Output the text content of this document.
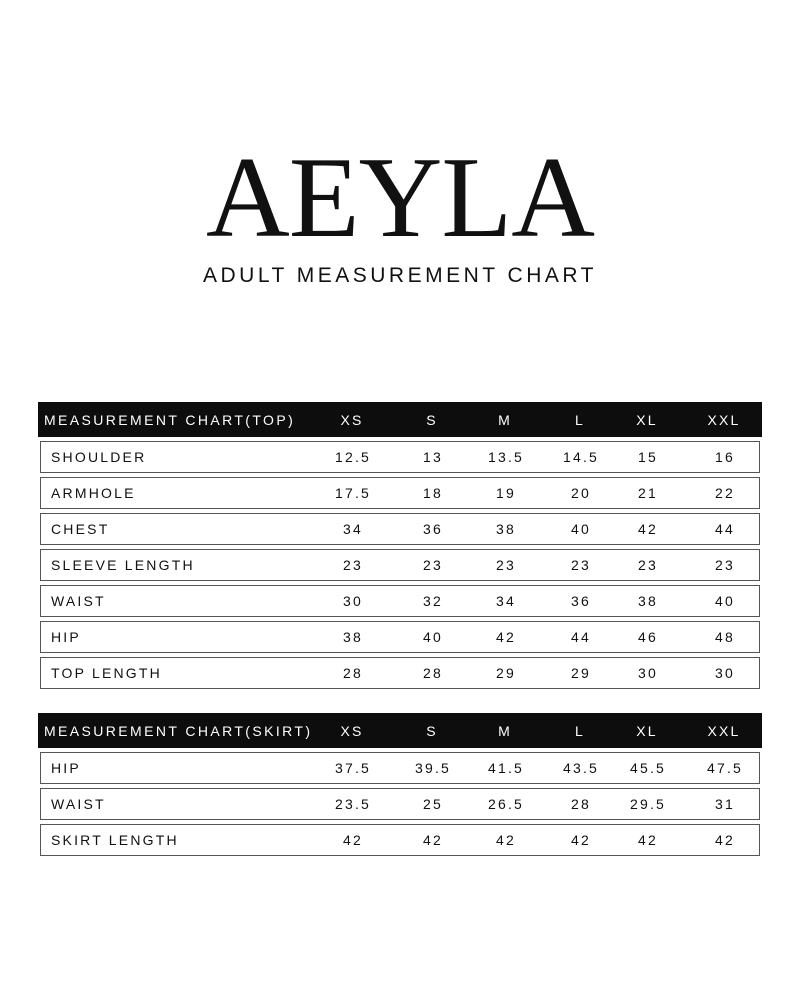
AEYLA
ADULT MEASUREMENT CHART
MEASUREMENT CHART(TOP)	XS	S	M	L	XL	XXL
SHOULDER	12.5	13	13.5	14.5	15	16
ARMHOLE	17.5	18	19	20	21	22
CHEST	34	36	38	40	42	44
SLEEVE LENGTH	23	23	23	23	23	23
WAIST	30	32	34	36	38	40
HIP	38	40	42	44	46	48
TOP LENGTH	28	28	29	29	30	30
MEASUREMENT CHART(SKIRT)	XS	S	M	L	XL	XXL
HIP	37.5	39.5	41.5	43.5	45.5	47.5
WAIST	23.5	25	26.5	28	29.5	31
SKIRT LENGTH	42	42	42	42	42	42
